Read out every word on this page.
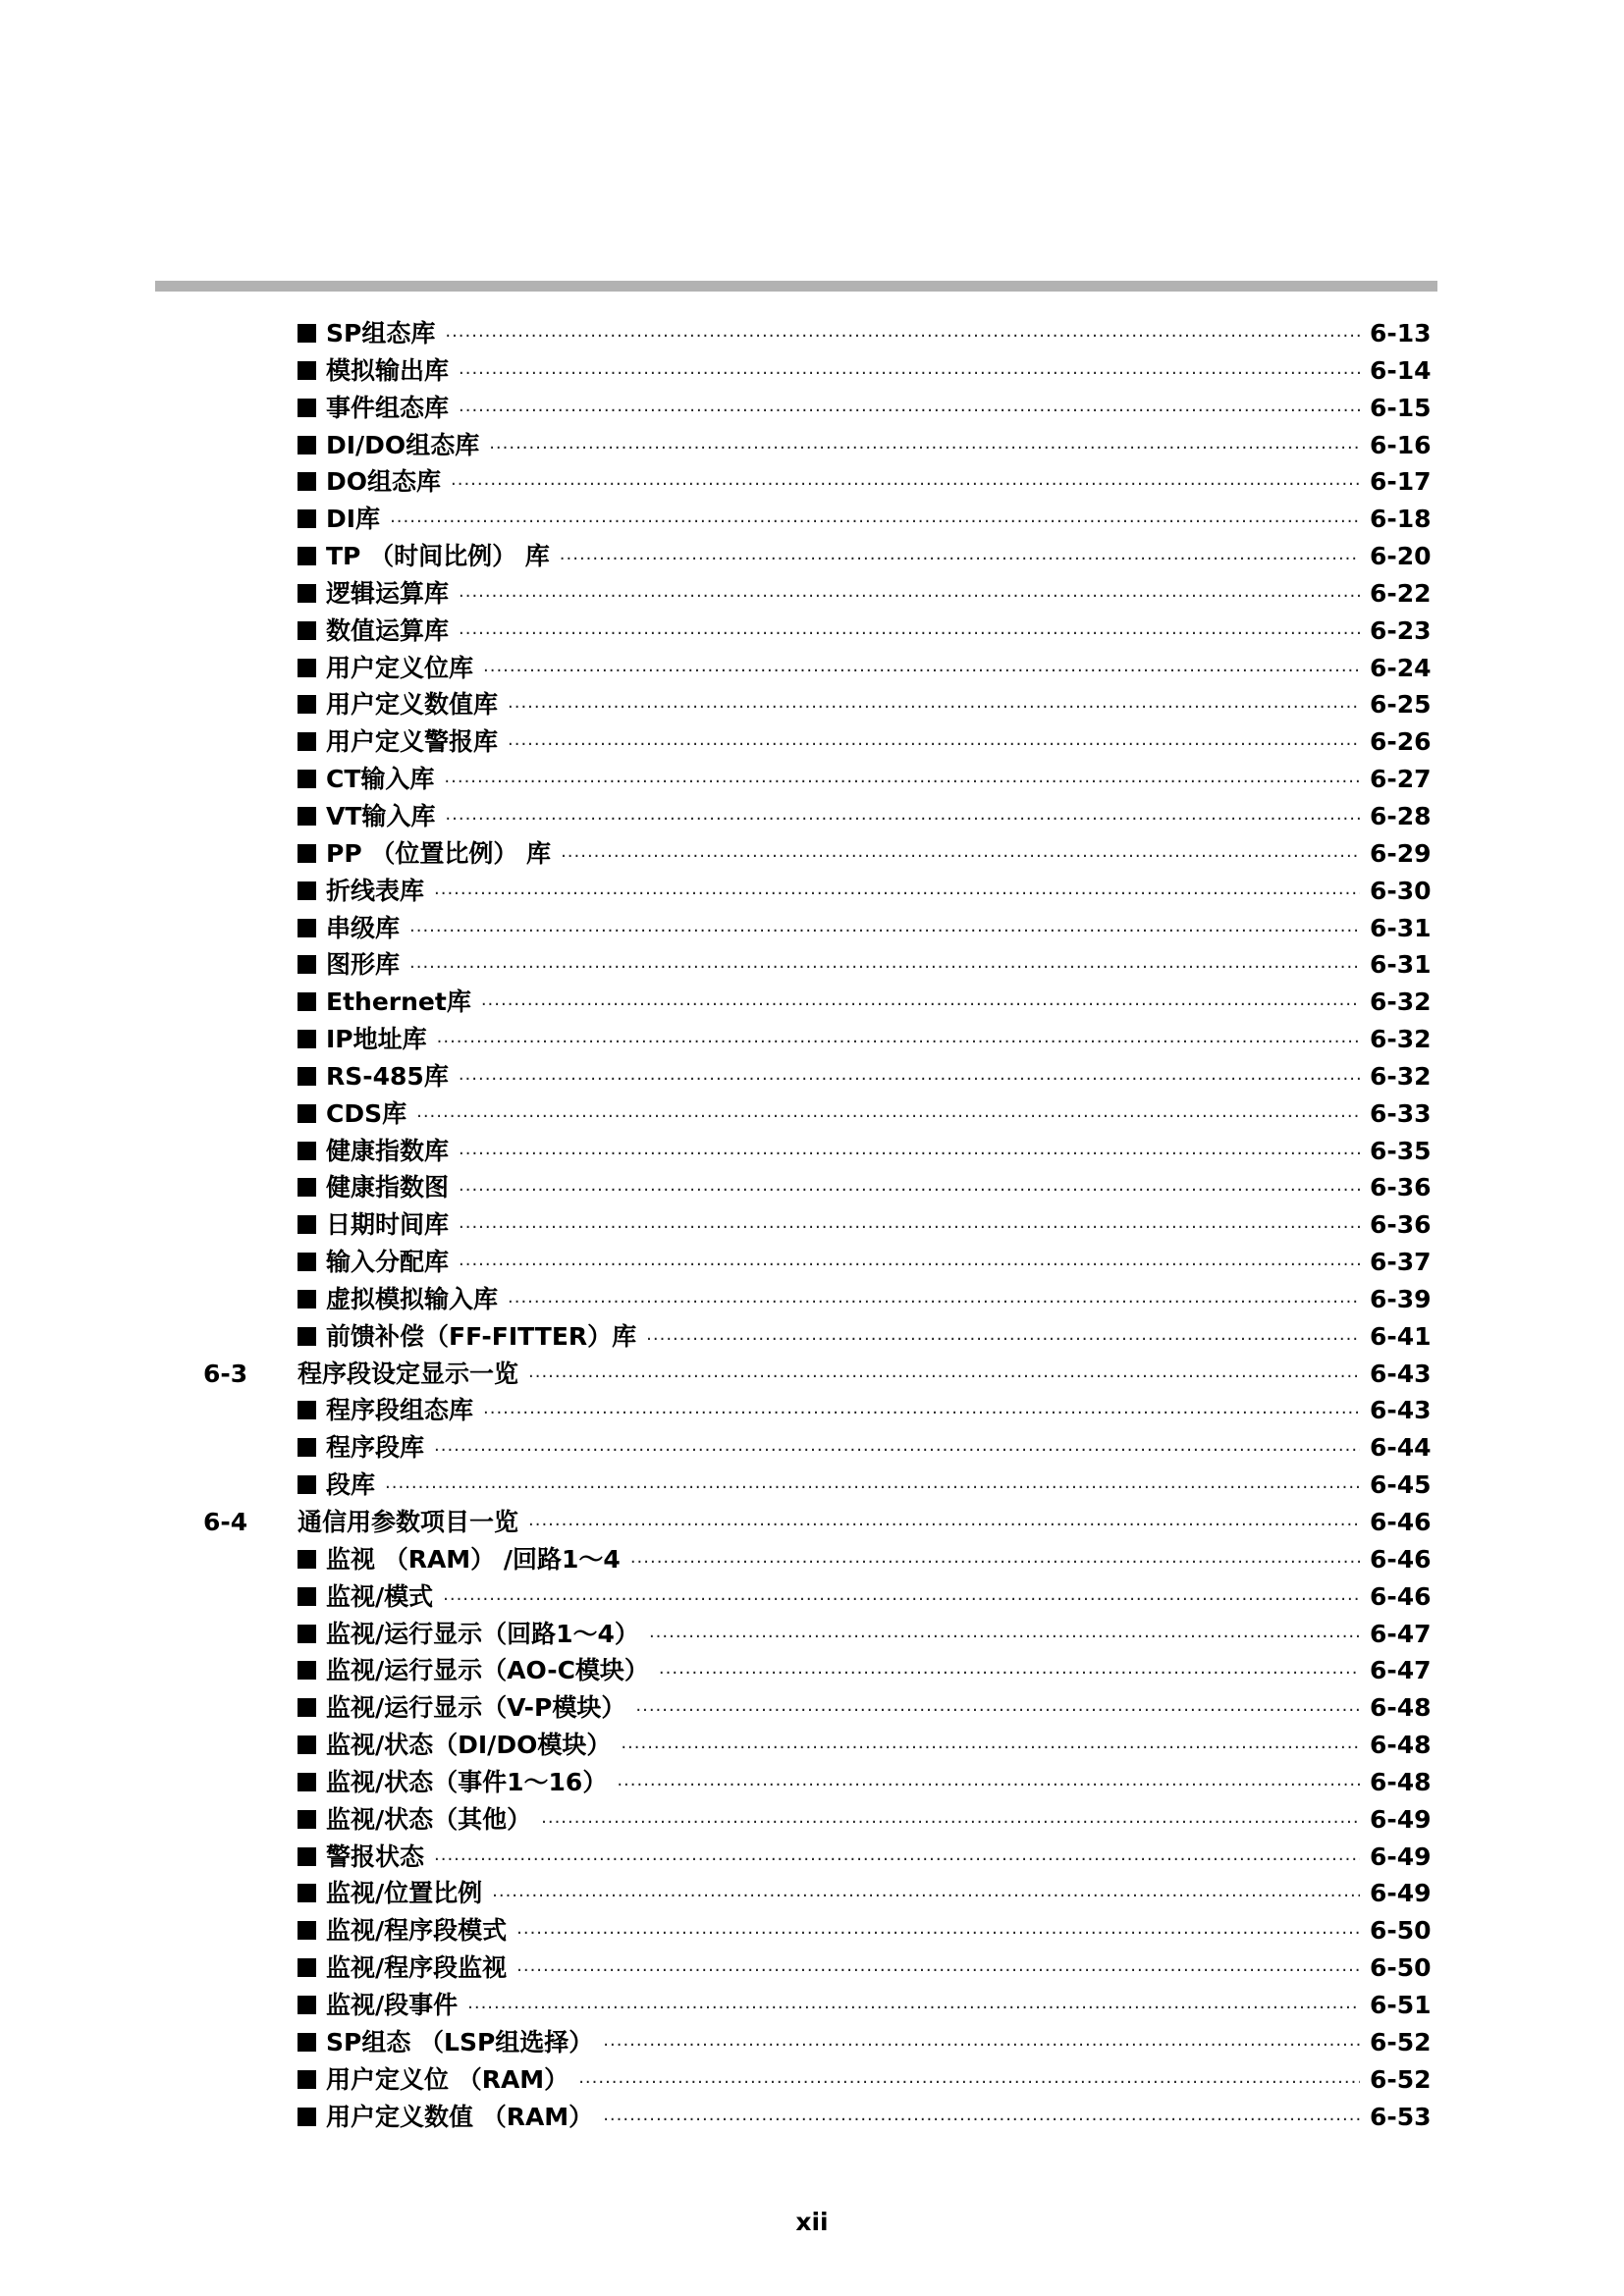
SP组态库 ·····	6-13
模拟输出库 ·····	6-14
事件组态库 ·····	6-15
DI/DO组态库 ·····	6-16
DO组态库 ·····	6-17
DI库 ·····	6-18
TP （时间比例） 库 ·····	6-20
逻辑运算库 ·····	6-22
数值运算库 ·····	6-23
用户定义位库 ·····	6-24
用户定义数值库 ·····	6-25
用户定义警报库 ·····	6-26
CT输入库 ·····	6-27
VT输入库 ·····	6-28
PP （位置比例） 库 ·····	6-29
折线表库 ·····	6-30
串级库 ·····	6-31
图形库 ·····	6-31
Ethernet库 ·····	6-32
IP地址库 ·····	6-32
RS-485库 ·····	6-32
CDS库 ·····	6-33
健康指数库 ·····	6-35
健康指数图 ·····	6-36
日期时间库 ·····	6-36
输入分配库 ·····	6-37
虚拟模拟输入库 ·····	6-39
前馈补偿（FF-FITTER）库 ·····	6-41
6-3 程序段设定显示一览 ·····	6-43
程序段组态库 ·····	6-43
程序段库 ·····	6-44
段库 ·····	6-45
6-4 通信用参数项目一览 ·····	6-46
监视 （RAM） /回路1～4 ·····	6-46
监视/模式 ·····	6-46
监视/运行显示（回路1～4） ·····	6-47
监视/运行显示（AO-C模块） ·····	6-47
监视/运行显示（V-P模块） ·····	6-48
监视/状态（DI/DO模块） ·····	6-48
监视/状态（事件1～16） ·····	6-48
监视/状态（其他） ·····	6-49
警报状态 ·····	6-49
监视/位置比例 ·····	6-49
监视/程序段模式 ·····	6-50
监视/程序段监视 ·····	6-50
监视/段事件 ·····	6-51
SP组态 （LSP组选择） ·····	6-52
用户定义位 （RAM） ·····	6-52
用户定义数值 （RAM） ·····	6-53
xii
